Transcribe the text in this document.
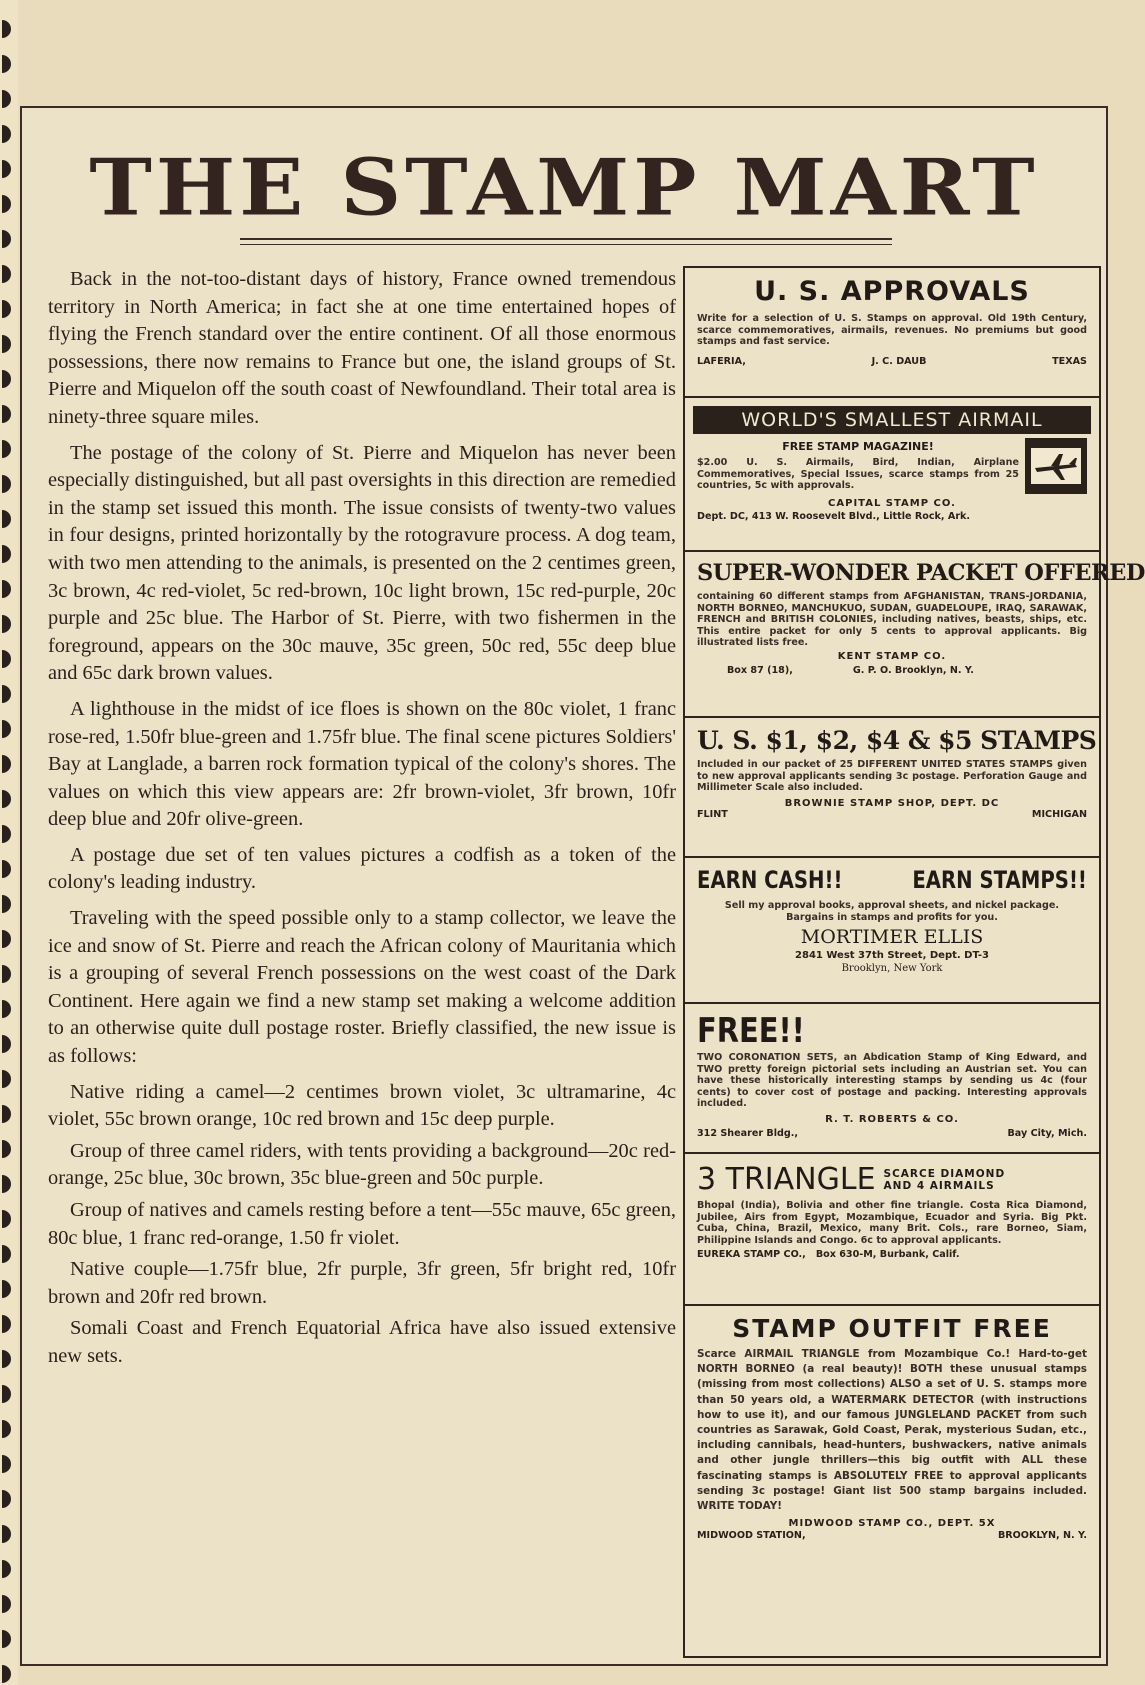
THE STAMP MART

Back in the not-too-distant days of history, France owned tremendous territory in North America; in fact she at one time entertained hopes of flying the French standard over the entire continent. Of all those enormous possessions, there now remains to France but one, the island groups of St. Pierre and Miquelon off the south coast of Newfoundland. Their total area is ninety-three square miles.

The postage of the colony of St. Pierre and Miquelon has never been especially distinguished, but all past oversights in this direction are remedied in the stamp set issued this month. The issue consists of twenty-two values in four designs, printed horizontally by the rotogravure process. A dog team, with two men attending to the animals, is presented on the 2 centimes green, 3c brown, 4c red-violet, 5c red-brown, 10c light brown, 15c red-purple, 20c purple and 25c blue. The Harbor of St. Pierre, with two fishermen in the foreground, appears on the 30c mauve, 35c green, 50c red, 55c deep blue and 65c dark brown values.

A lighthouse in the midst of ice floes is shown on the 80c violet, 1 franc rose-red, 1.50fr blue-green and 1.75fr blue. The final scene pictures Soldiers' Bay at Langlade, a barren rock formation typical of the colony's shores. The values on which this view appears are: 2fr brown-violet, 3fr brown, 10fr deep blue and 20fr olive-green.

A postage due set of ten values pictures a codfish as a token of the colony's leading industry.

Traveling with the speed possible only to a stamp collector, we leave the ice and snow of St. Pierre and reach the African colony of Mauritania which is a grouping of several French possessions on the west coast of the Dark Continent. Here again we find a new stamp set making a welcome addition to an otherwise quite dull postage roster. Briefly classified, the new issue is as follows:

Native riding a camel—2 centimes brown violet, 3c ultramarine, 4c violet, 55c brown orange, 10c red brown and 15c deep purple.

Group of three camel riders, with tents providing a background—20c red-orange, 25c blue, 30c brown, 35c blue-green and 50c purple.

Group of natives and camels resting before a tent—55c mauve, 65c green, 80c blue, 1 franc red-orange, 1.50 fr violet.

Native couple—1.75fr blue, 2fr purple, 3fr green, 5fr bright red, 10fr brown and 20fr red brown.

Somali Coast and French Equatorial Africa have also issued extensive new sets.

U. S. APPROVALS
Write for a selection of U. S. Stamps on approval. Old 19th Century, scarce commemoratives, airmails, revenues. No premiums but good stamps and fast service.
LAFERIA,	J. C. DAUB	TEXAS
WORLD'S SMALLEST AIRMAIL
FREE STAMP MAGAZINE!
$2.00 U. S. Airmails, Bird, Indian, Airplane Commemoratives, Special Issues, scarce stamps from 25 countries, 5c with approvals.
CAPITAL STAMP CO.
Dept. DC, 413 W. Roosevelt Blvd., Little Rock, Ark.
SUPER-WONDER PACKET OFFERED
containing 60 different stamps from AFGHANISTAN, TRANS-JORDANIA, NORTH BORNEO, MANCHUKUO, SUDAN, GUADELOUPE, IRAQ, SARAWAK, FRENCH and BRITISH COLONIES, including natives, beasts, ships, etc. This entire packet for only 5 cents to approval applicants. Big illustrated lists free.
KENT STAMP CO.
Box 87 (18),	G. P. O. Brooklyn, N. Y.
U. S. $1, $2, $4 & $5 STAMPS
Included in our packet of 25 DIFFERENT UNITED STATES STAMPS given to new approval applicants sending 3c postage. Perforation Gauge and Millimeter Scale also included.
BROWNIE STAMP SHOP, DEPT. DC
FLINT	MICHIGAN
EARN CASH!!	EARN STAMPS!!
Sell my approval books, approval sheets, and nickel package. Bargains in stamps and profits for you.
MORTIMER ELLIS
2841 West 37th Street, Dept. DT-3
Brooklyn, New York
FREE!!
TWO CORONATION SETS, an Abdication Stamp of King Edward, and TWO pretty foreign pictorial sets including an Austrian set. You can have these historically interesting stamps by sending us 4c (four cents) to cover cost of postage and packing. Interesting approvals included.
R. T. ROBERTS & CO.
312 Shearer Bldg.,	Bay City, Mich.
3 TRIANGLE SCARCE DIAMOND
AND 4 AIRMAILS
Bhopal (India), Bolivia and other fine triangle. Costa Rica Diamond, Jubilee, Airs from Egypt, Mozambique, Ecuador and Syria. Big Pkt. Cuba, China, Brazil, Mexico, many Brit. Cols., rare Borneo, Siam, Philippine Islands and Congo. 6c to approval applicants.
EUREKA STAMP CO., Box 630-M, Burbank, Calif.
STAMP OUTFIT FREE
Scarce AIRMAIL TRIANGLE from Mozambique Co.! Hard-to-get NORTH BORNEO (a real beauty)! BOTH these unusual stamps (missing from most collections) ALSO a set of U. S. stamps more than 50 years old, a WATERMARK DETECTOR (with instructions how to use it), and our famous JUNGLELAND PACKET from such countries as Sarawak, Gold Coast, Perak, mysterious Sudan, etc., including cannibals, head-hunters, bushwackers, native animals and other jungle thrillers—this big outfit with ALL these fascinating stamps is ABSOLUTELY FREE to approval applicants sending 3c postage! Giant list 500 stamp bargains included. WRITE TODAY!
MIDWOOD STAMP CO., DEPT. 5X
MIDWOOD STATION,	BROOKLYN, N. Y.
